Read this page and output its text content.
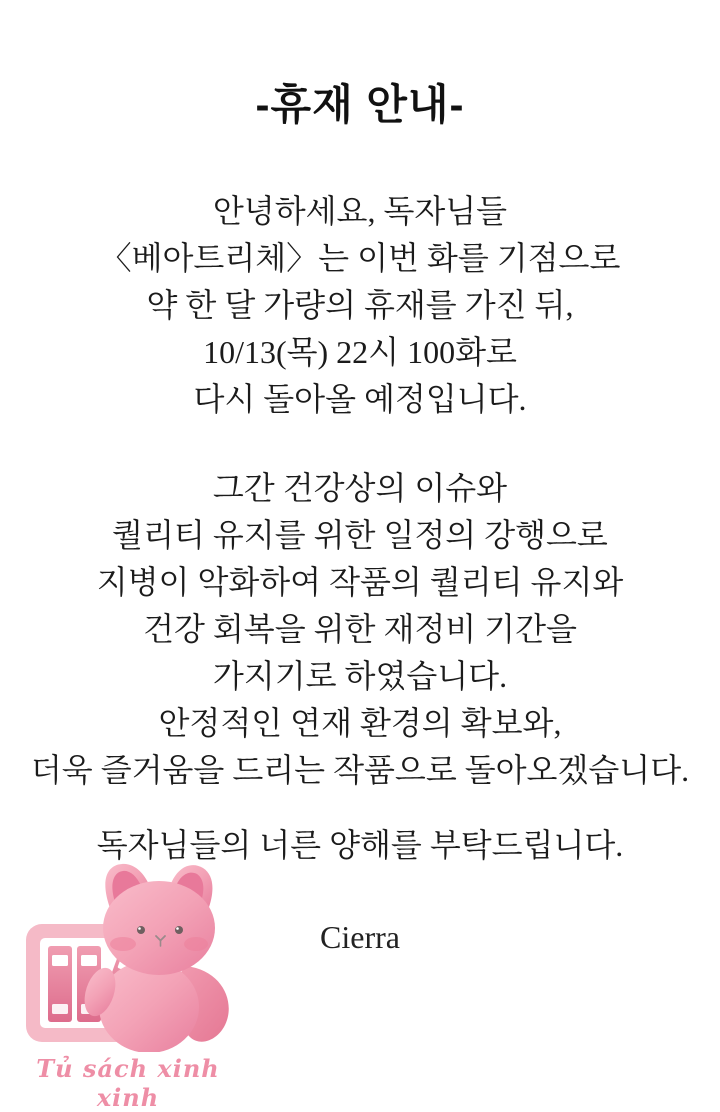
-휴재 안내-
안녕하세요, 독자님들
〈베아트리체〉는 이번 화를 기점으로
약 한 달 가량의 휴재를 가진 뒤,
10/13(목) 22시 100화로
다시 돌아올 예정입니다.
그간 건강상의 이슈와
퀄리티 유지를 위한 일정의 강행으로
지병이 악화하여 작품의 퀄리티 유지와
건강 회복을 위한 재정비 기간을
가지기로 하였습니다.
안정적인 연재 환경의 확보와,
더욱 즐거움을 드리는 작품으로 돌아오겠습니다.
독자님들의 너른 양해를 부탁드립니다.
Cierra
Tủ sách xinh xinh
